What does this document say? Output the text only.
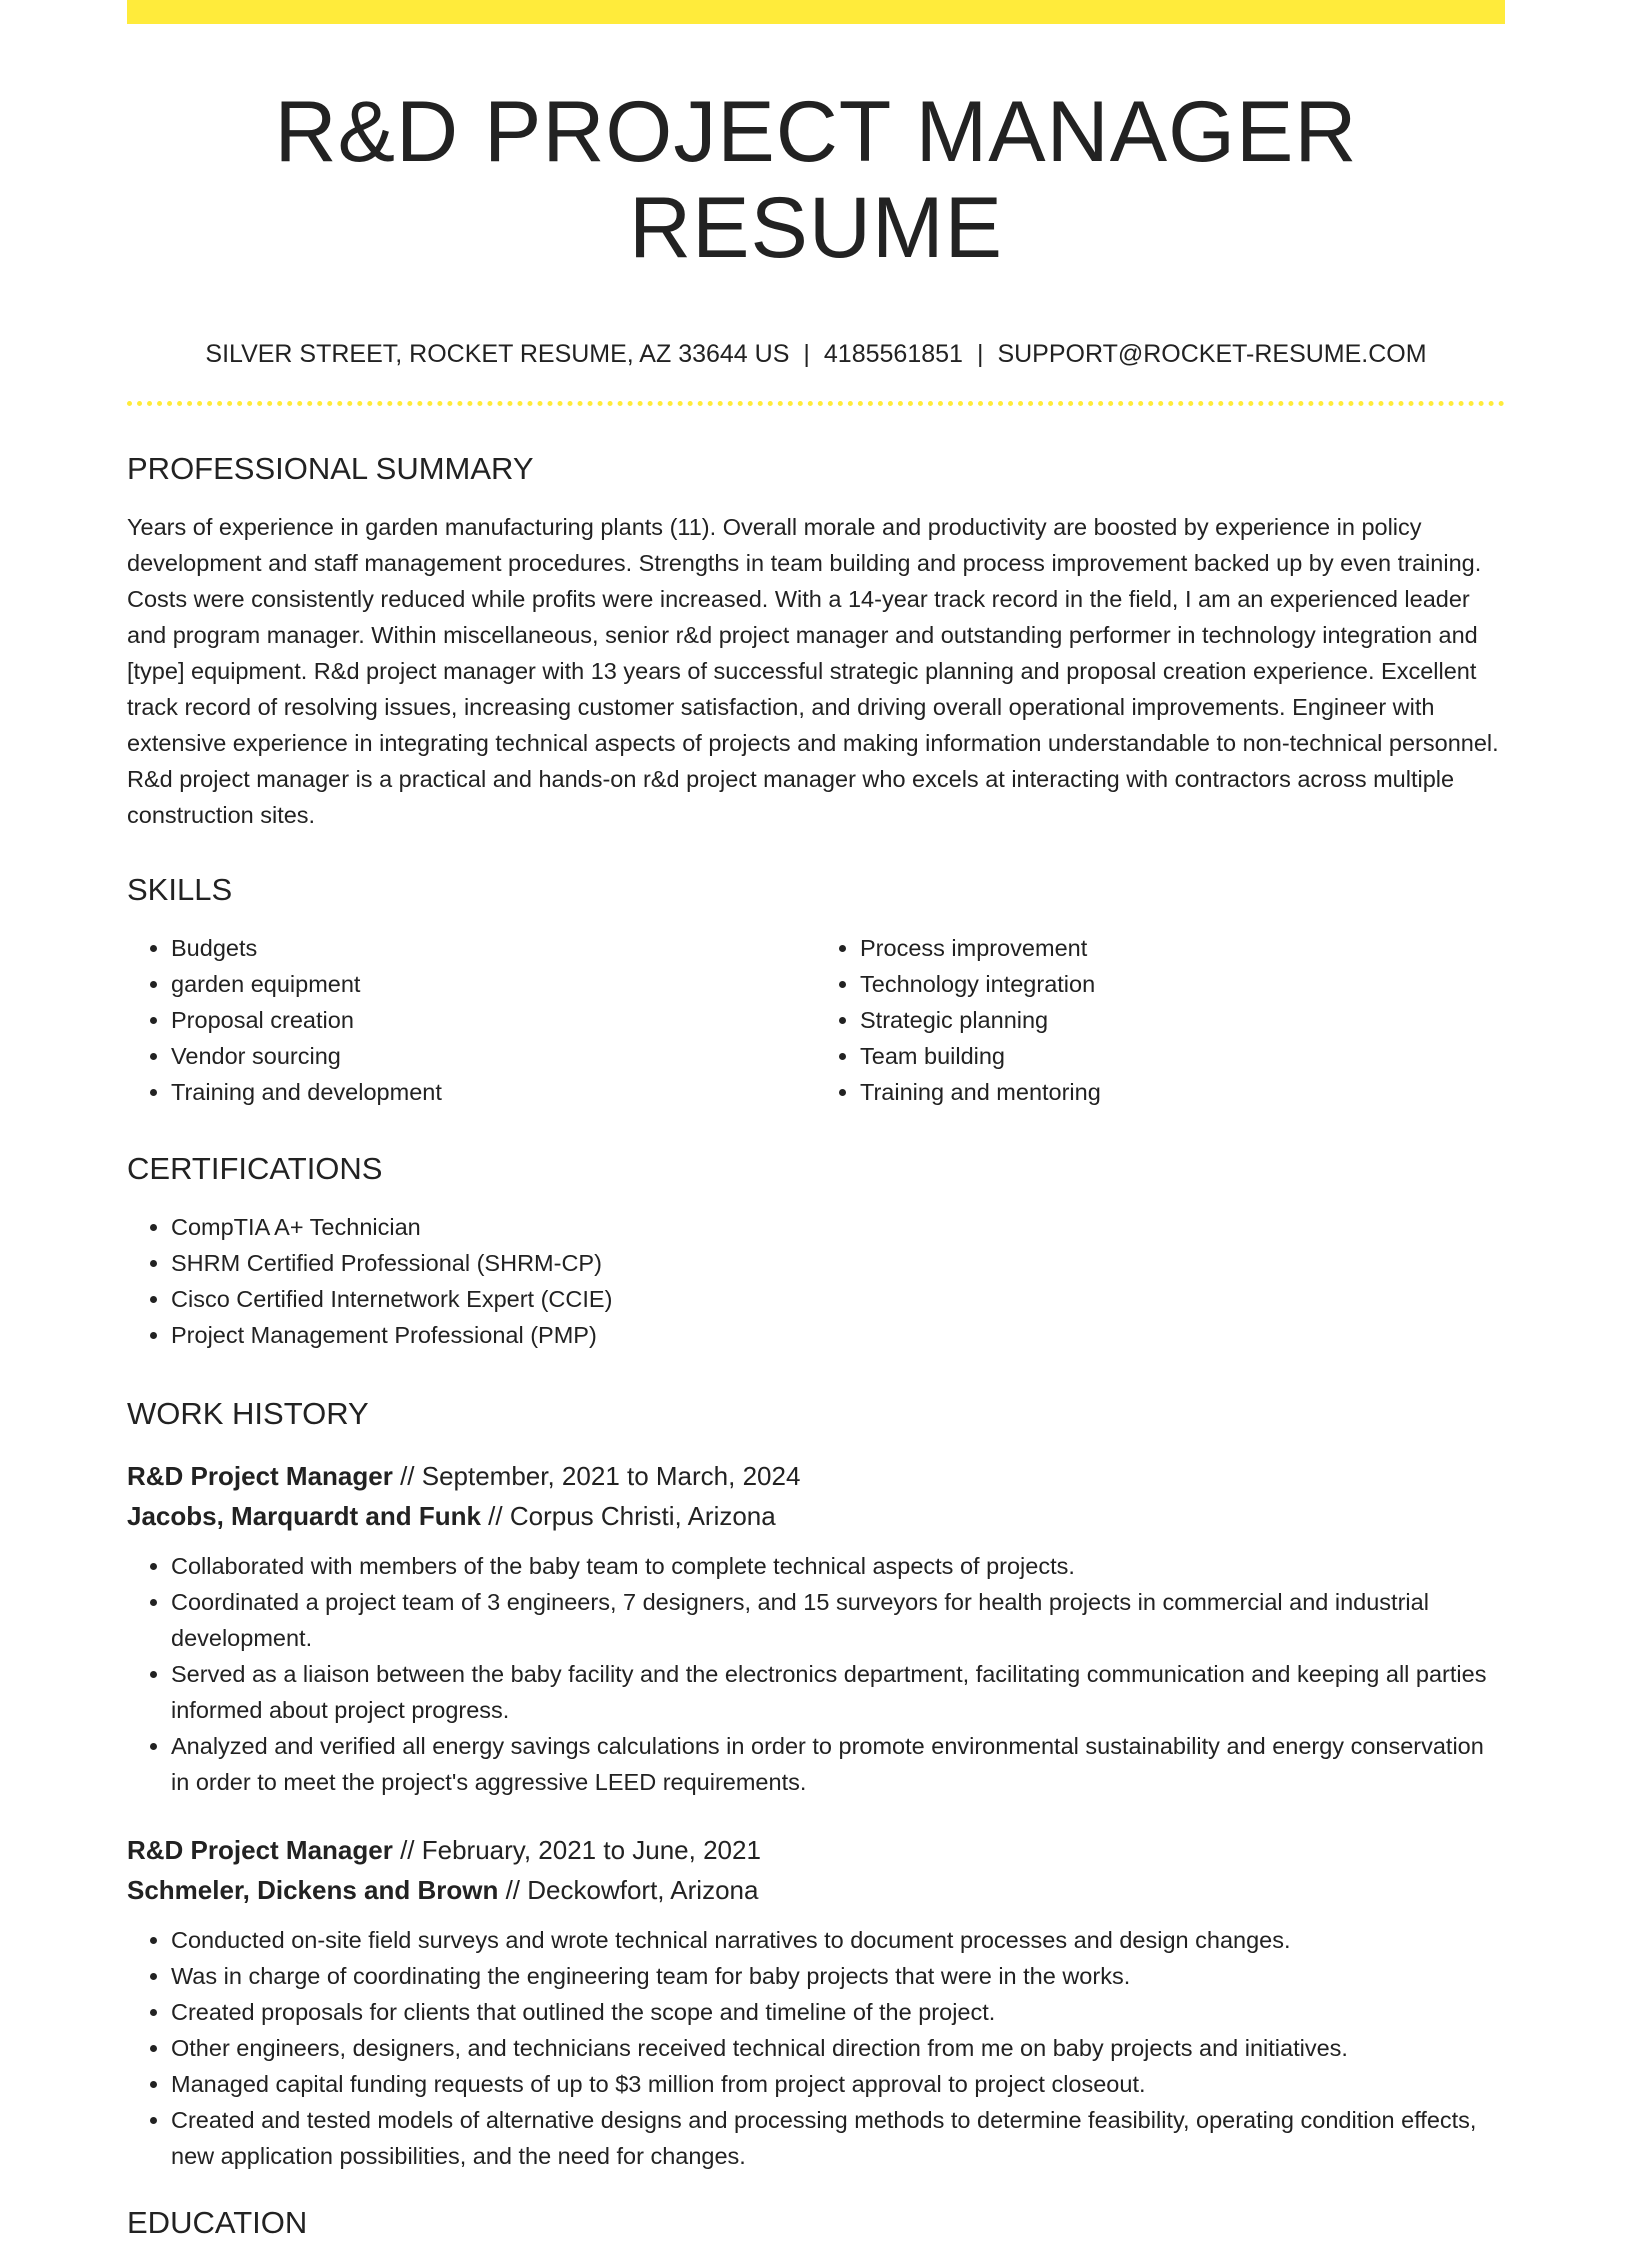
R&D PROJECT MANAGER RESUME
SILVER STREET, ROCKET RESUME, AZ 33644 US | 4185561851 | SUPPORT@ROCKET-RESUME.COM
PROFESSIONAL SUMMARY

Years of experience in garden manufacturing plants (11). Overall morale and productivity are boosted by experience in policy development and staff management procedures. Strengths in team building and process improvement backed up by even training. Costs were consistently reduced while profits were increased. With a 14-year track record in the field, I am an experienced leader and program manager. Within miscellaneous, senior r&d project manager and outstanding performer in technology integration and [type] equipment. R&d project manager with 13 years of successful strategic planning and proposal creation experience. Excellent track record of resolving issues, increasing customer satisfaction, and driving overall operational improvements. Engineer with extensive experience in integrating technical aspects of projects and making information understandable to non-technical personnel. R&d project manager is a practical and hands-on r&d project manager who excels at interacting with contractors across multiple construction sites.

SKILLS
• Budgets
• garden equipment
• Proposal creation
• Vendor sourcing
• Training and development
• Process improvement
• Technology integration
• Strategic planning
• Team building
• Training and mentoring
CERTIFICATIONS
• CompTIA A+ Technician
• SHRM Certified Professional (SHRM-CP)
• Cisco Certified Internetwork Expert (CCIE)
• Project Management Professional (PMP)
WORK HISTORY
R&D Project Manager // September, 2021 to March, 2024
Jacobs, Marquardt and Funk // Corpus Christi, Arizona
• Collaborated with members of the baby team to complete technical aspects of projects.
• Coordinated a project team of 3 engineers, 7 designers, and 15 surveyors for health projects in commercial and industrial development.
• Served as a liaison between the baby facility and the electronics department, facilitating communication and keeping all parties informed about project progress.
• Analyzed and verified all energy savings calculations in order to promote environmental sustainability and energy conservation in order to meet the project's aggressive LEED requirements.
R&D Project Manager // February, 2021 to June, 2021
Schmeler, Dickens and Brown // Deckowfort, Arizona
• Conducted on-site field surveys and wrote technical narratives to document processes and design changes.
• Was in charge of coordinating the engineering team for baby projects that were in the works.
• Created proposals for clients that outlined the scope and timeline of the project.
• Other engineers, designers, and technicians received technical direction from me on baby projects and initiatives.
• Managed capital funding requests of up to $3 million from project approval to project closeout.
• Created and tested models of alternative designs and processing methods to determine feasibility, operating condition effects, new application possibilities, and the need for changes.
EDUCATION
